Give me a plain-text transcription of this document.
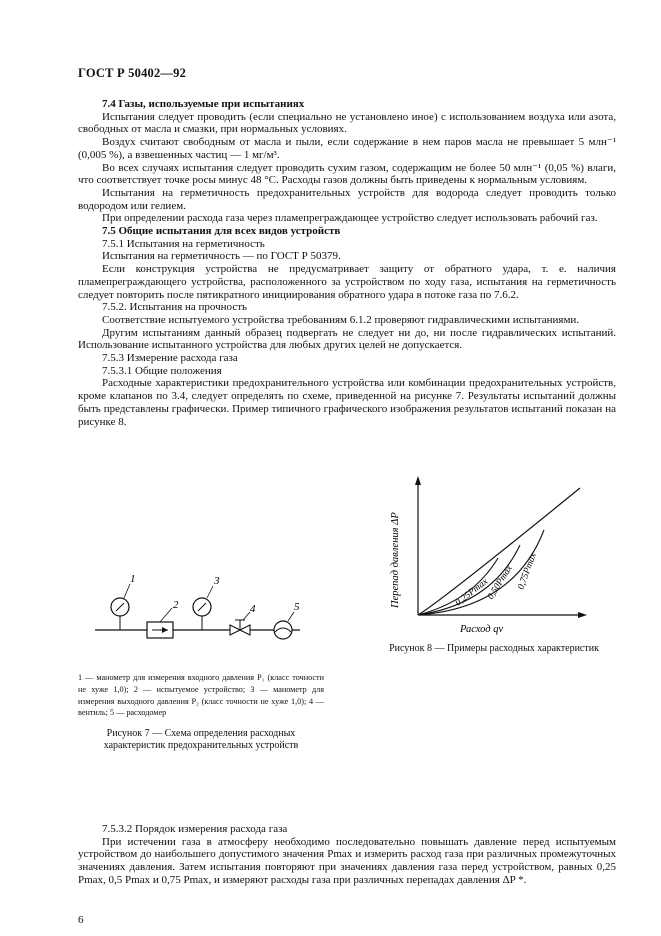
ГОСТ Р 50402—92

7.4 Газы, используемые при испытаниях

Испытания следует проводить (если специально не установлено иное) с использованием воздуха или азота, свободных от масла и смазки, при нормальных условиях.

Воздух считают свободным от масла и пыли, если содержание в нем паров масла не превышает 5 млн⁻¹ (0,005 %), а взвешенных частиц — 1 мг/м³.

Во всех случаях испытания следует проводить сухим газом, содержащим не более 50 млн⁻¹ (0,05 %) влаги, что соответствует точке росы минус 48 °С. Расходы газов должны быть приведены к нормальным условиям.

Испытания на герметичность предохранительных устройств для водорода следует проводить только водородом или гелием.

При определении расхода газа через пламепреграждающее устройство следует использовать рабочий газ.

7.5 Общие испытания для всех видов устройств

7.5.1 Испытания на герметичность

Испытания на герметичность — по ГОСТ Р 50379.

Если конструкция устройства не предусматривает защиту от обратного удара, т. е. наличия пламепреграждающего устройства, расположенного за устройством по ходу газа, испытания на герметичность следует повторить после пятикратного инициирования обратного удара в потоке газа по 7.6.2.

7.5.2. Испытания на прочность

Соответствие испытуемого устройства требованиям 6.1.2 проверяют гидравлическими испытаниями.

Другим испытаниям данный образец подвергать не следует ни до, ни после гидравлических испытаний. Использование испытанного устройства для любых других целей не допускается.

7.5.3 Измерение расхода газа

7.5.3.1 Общие положения

Расходные характеристики предохранительного устройства или комбинации предохранительных устройств, кроме клапанов по 3.4, следует определять по схеме, приведенной на рисунке 7. Результаты испытаний должны быть представлены графически. Пример типичного графического изображения результатов испытаний показан на рисунке 8.

1
2
3
4	5
1 — манометр для измерения входного давления P₁ (класс точности не хуже 1,0); 2 — испытуемое устройство; 3 — манометр для измерения выходного давления P₂ (класс точности не хуже 1,0); 4 — вентиль; 5 — расходомер
Рисунок 7 — Схема определения расходных характеристик предохранительных устройств
Перепад давления ΔP
Расход qv
0,25Pmax
0,50Pmax 0,75Pmax
Рисунок 8 — Примеры расходных характеристик

7.5.3.2 Порядок измерения расхода газа

При истечении газа в атмосферу необходимо последовательно повышать давление перед испытуемым устройством до наибольшего допустимого значения Pmax и измерить расход газа при различных промежуточных значениях давления. Затем испытания повторяют при значениях давления газа перед устройством, равных 0,25 Pmax, 0,5 Pmax и 0,75 Pmax, и измеряют расходы газа при различных перепадах давления ΔP *.

6
